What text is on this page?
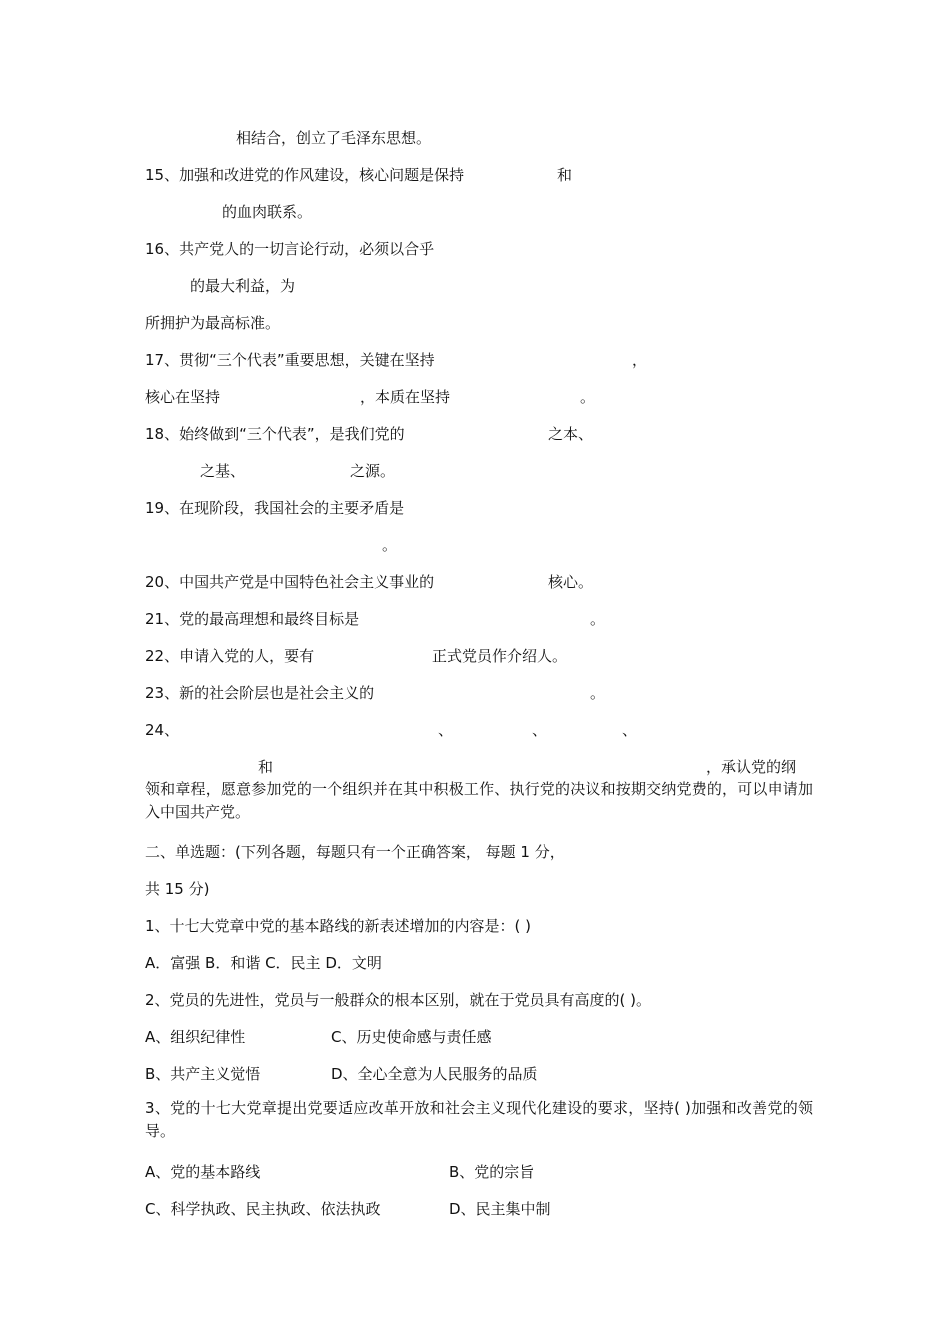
相结合，创立了毛泽东思想。
15、加强和改进党的作风建设，核心问题是保持	和
的血肉联系。
16、共产党人的一切言论行动，必须以合乎
的最大利益，为
所拥护为最高标准。
17、贯彻“三个代表”重要思想，关键在坚持	，
核心在坚持	，本质在坚持	。
18、始终做到“三个代表”，是我们党的	之本、
之基、	之源。
19、在现阶段，我国社会的主要矛盾是
。
20、中国共产党是中国特色社会主义事业的	核心。
21、党的最高理想和最终目标是	。
22、申请入党的人，要有	正式党员作介绍人。
23、新的社会阶层也是社会主义的	。
24、	、	、	、
和	，承认党的纲
领和章程，愿意参加党的一个组织并在其中积极工作、执行党的决议和按期交纳党费的，可以申请加入中国共产党。
二、单选题：(下列各题，每题只有一个正确答案， 每题 1 分，
共 15 分)
1、十七大党章中党的基本路线的新表述增加的内容是：( )
A．富强 B．和谐 C．民主 D．文明
2、党员的先进性，党员与一般群众的根本区别，就在于党员具有高度的( )。
A、组织纪律性	C、历史使命感与责任感
B、共产主义觉悟	D、全心全意为人民服务的品质
3、党的十七大党章提出党要适应改革开放和社会主义现代化建设的要求，坚持( )加强和改善党的领导。
A、党的基本路线	B、党的宗旨
C、科学执政、民主执政、依法执政	D、民主集中制
